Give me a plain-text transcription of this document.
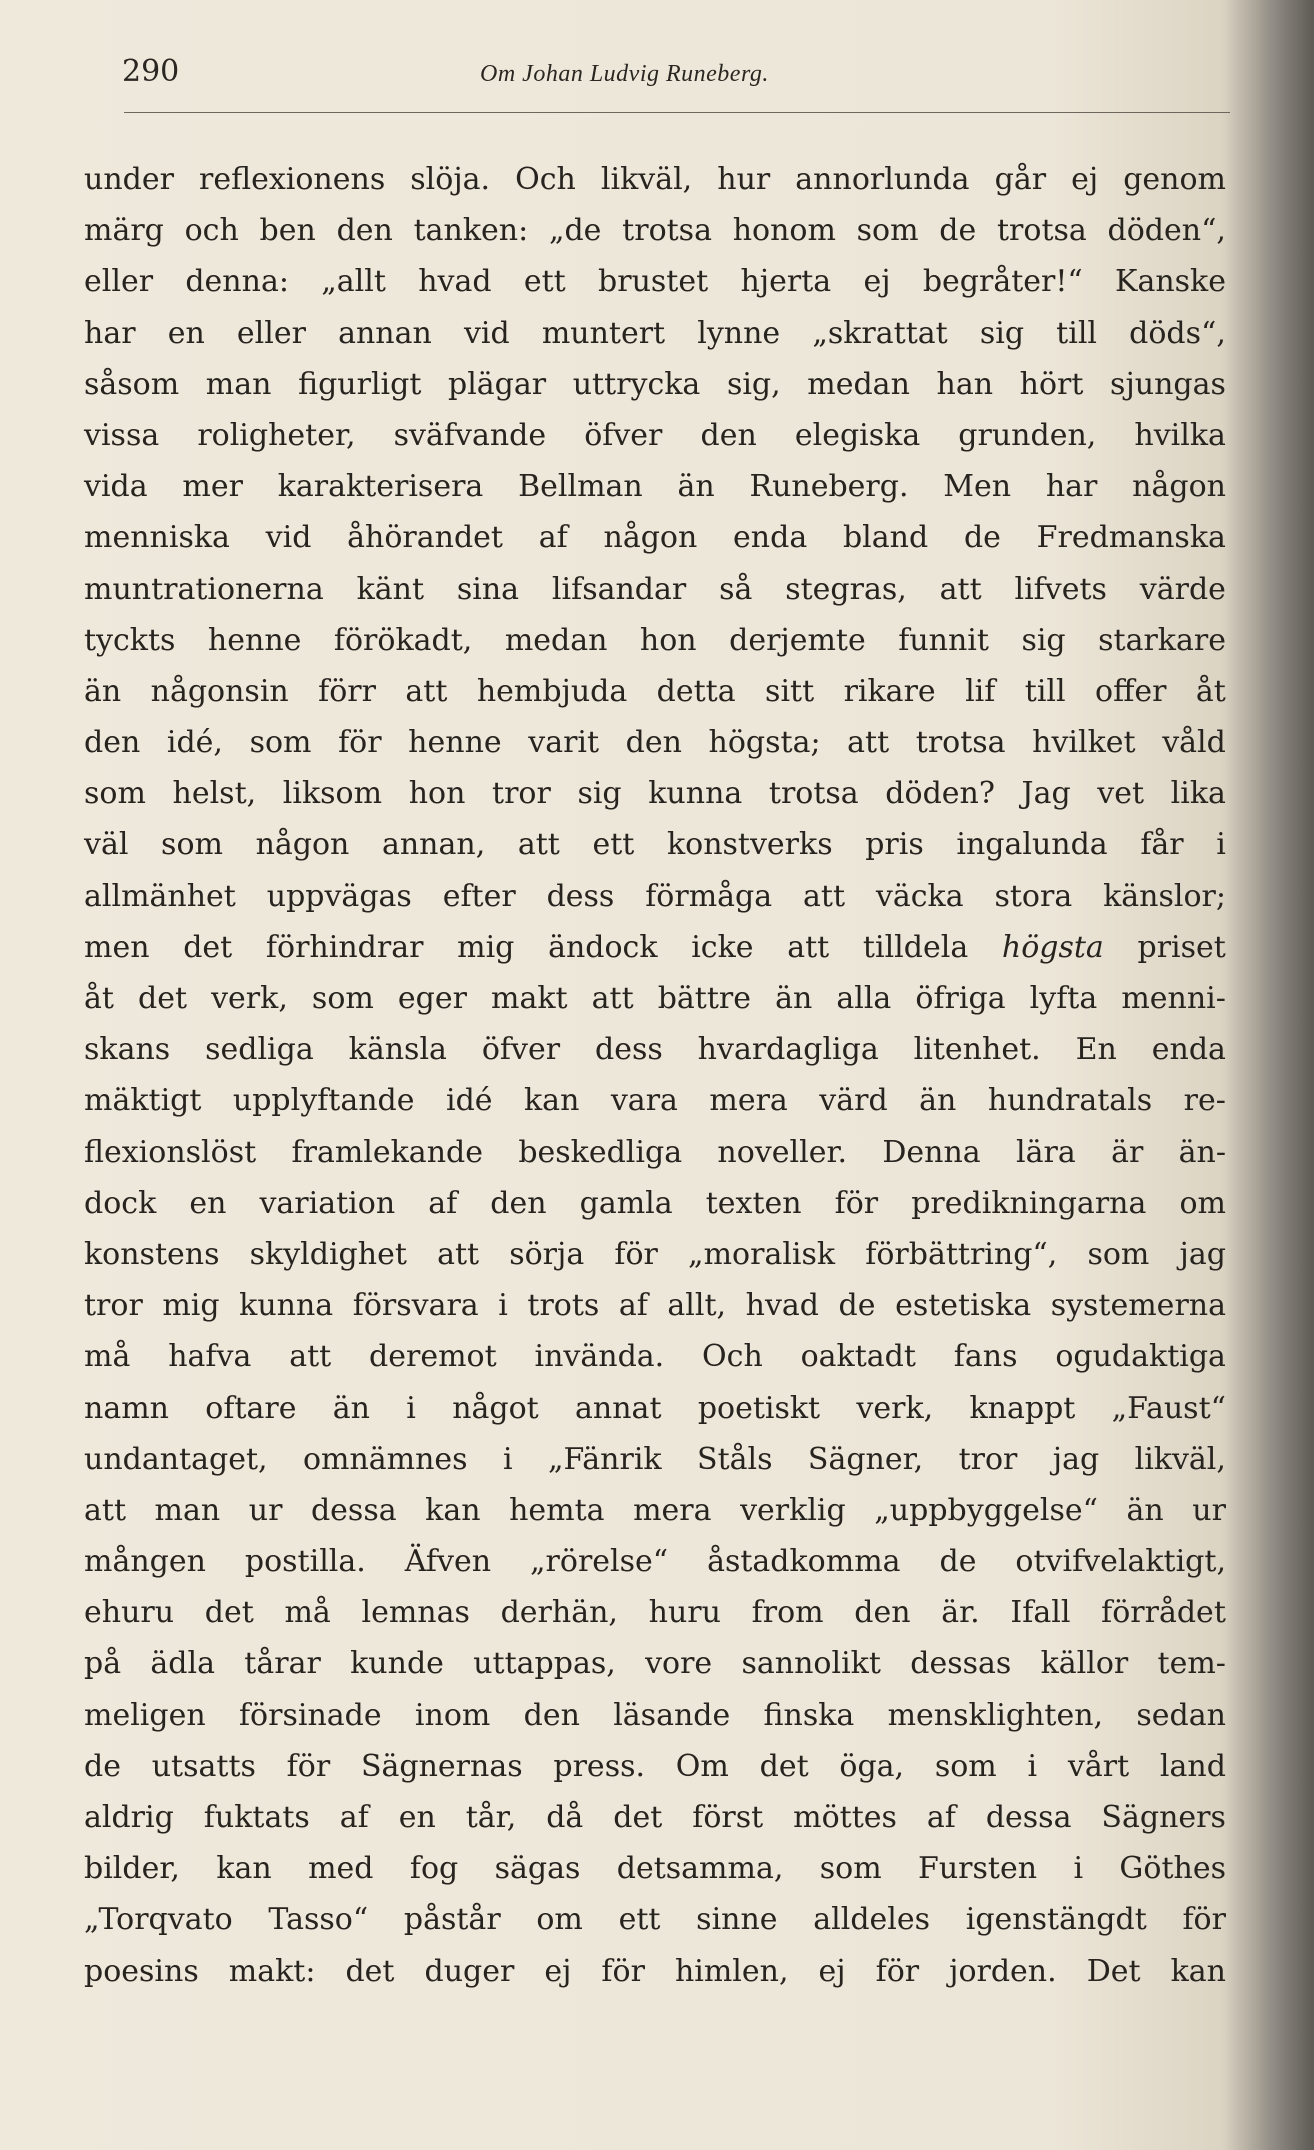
290	Om Johan Ludvig Runeberg.
under reflexionens slöja. Och likväl, hur annorlunda går ej genom
märg och ben den tanken: „de trotsa honom som de trotsa döden“,
eller denna: „allt hvad ett brustet hjerta ej begråter!“ Kanske
har en eller annan vid muntert lynne „skrattat sig till döds“,
såsom man figurligt plägar uttrycka sig, medan han hört sjungas
vissa roligheter, sväfvande öfver den elegiska grunden, hvilka
vida mer karakterisera Bellman än Runeberg. Men har någon
menniska vid åhörandet af någon enda bland de Fredmanska
muntrationerna känt sina lifsandar så stegras, att lifvets värde
tyckts henne förökadt, medan hon derjemte funnit sig starkare
än någonsin förr att hembjuda detta sitt rikare lif till offer åt
den idé, som för henne varit den högsta; att trotsa hvilket våld
som helst, liksom hon tror sig kunna trotsa döden? Jag vet lika
väl som någon annan, att ett konstverks pris ingalunda får i
allmänhet uppvägas efter dess förmåga att väcka stora känslor;
men det förhindrar mig ändock icke att tilldela högsta priset
åt det verk, som eger makt att bättre än alla öfriga lyfta menni-
skans sedliga känsla öfver dess hvardagliga litenhet. En enda
mäktigt upplyftande idé kan vara mera värd än hundratals re-
flexionslöst framlekande beskedliga noveller. Denna lära är än-
dock en variation af den gamla texten för predikningarna om
konstens skyldighet att sörja för „moralisk förbättring“, som jag
tror mig kunna försvara i trots af allt, hvad de estetiska systemerna
må hafva att deremot invända. Och oaktadt fans ogudaktiga
namn oftare än i något annat poetiskt verk, knappt „Faust“
undantaget, omnämnes i „Fänrik Ståls Sägner, tror jag likväl,
att man ur dessa kan hemta mera verklig „uppbyggelse“ än ur
mången postilla. Äfven „rörelse“ åstadkomma de otvifvelaktigt,
ehuru det må lemnas derhän, huru from den är. Ifall förrådet
på ädla tårar kunde uttappas, vore sannolikt dessas källor tem-
meligen försinade inom den läsande finska mensklighten, sedan
de utsatts för Sägnernas press. Om det öga, som i vårt land
aldrig fuktats af en tår, då det först möttes af dessa Sägners
bilder, kan med fog sägas detsamma, som Fursten i Göthes
„Torqvato Tasso“ påstår om ett sinne alldeles igenstängdt för
poesins makt: det duger ej för himlen, ej för jorden. Det kan
